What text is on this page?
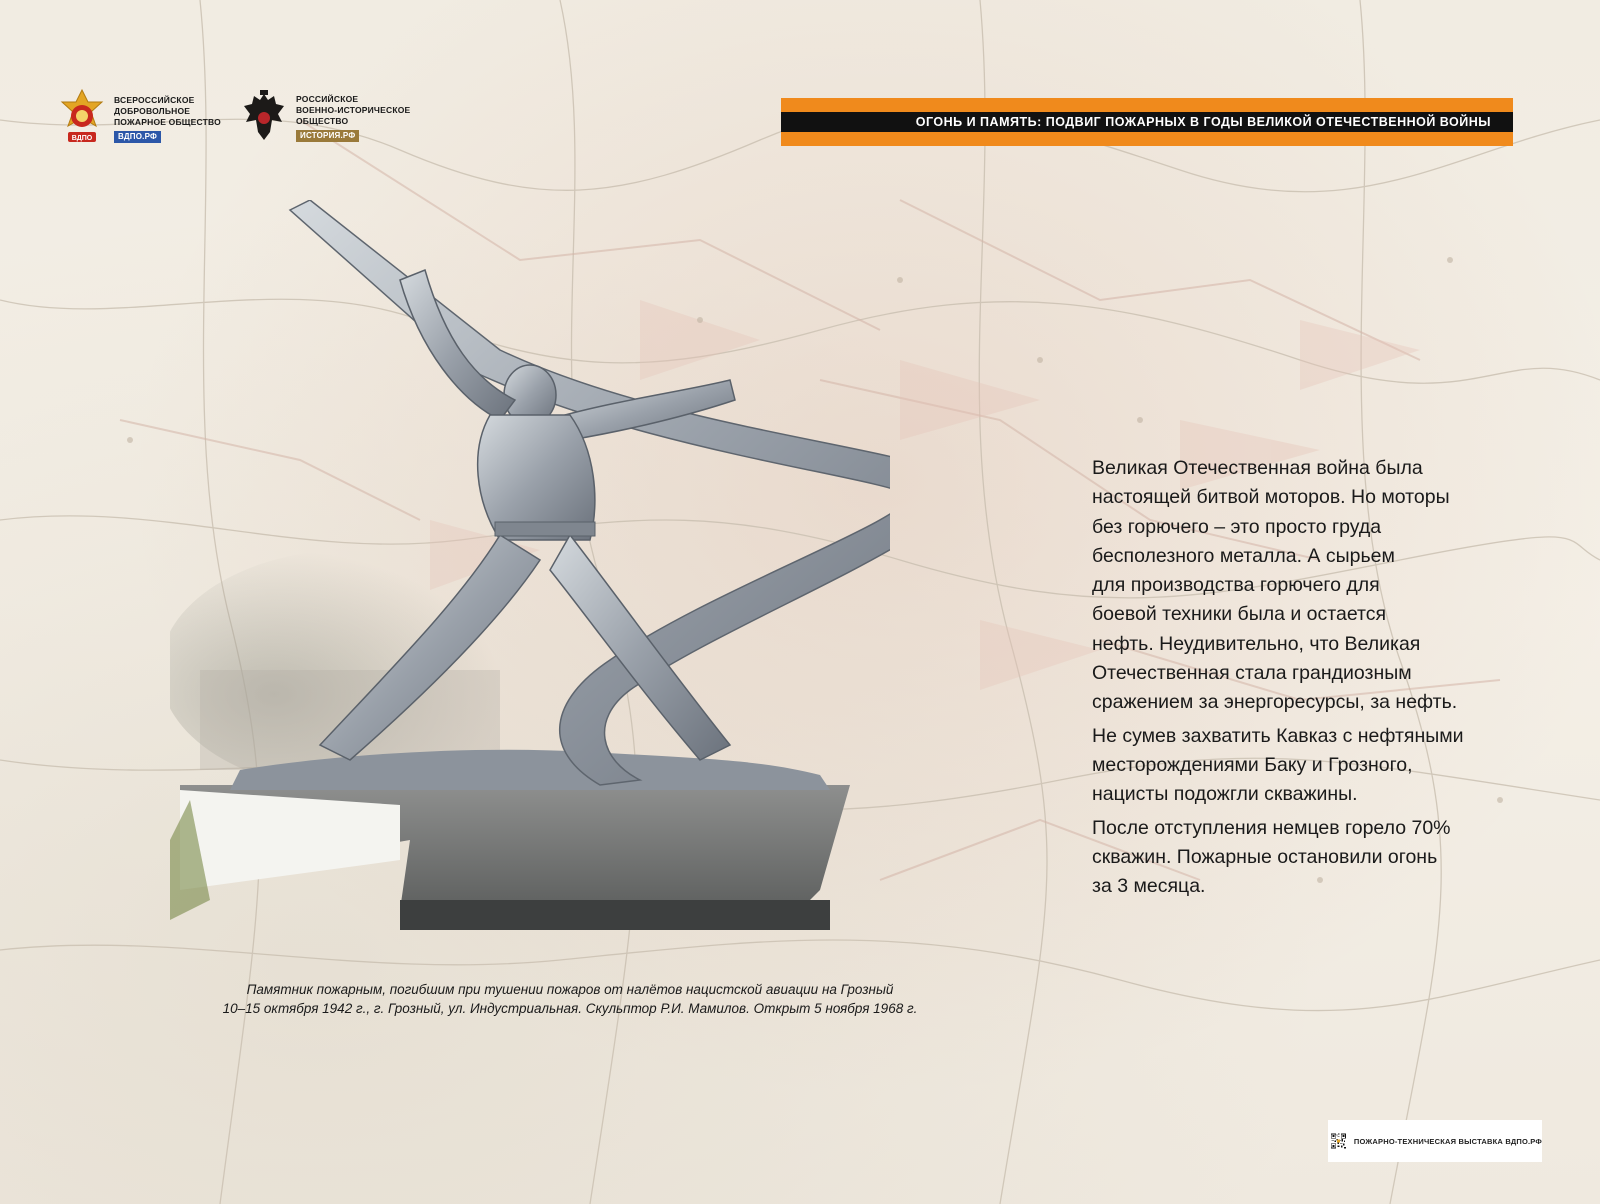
ВДПО
ВСЕРОССИЙСКОЕ
ДОБРОВОЛЬНОЕ
ПОЖАРНОЕ ОБЩЕСТВО
ВДПО.РФ
РОССИЙСКОЕ
ВОЕННО-ИСТОРИЧЕСКОЕ
ОБЩЕСТВО
ИСТОРИЯ.РФ
ОГОНЬ И ПАМЯТЬ: ПОДВИГ ПОЖАРНЫХ В ГОДЫ ВЕЛИКОЙ ОТЕЧЕСТВЕННОЙ ВОЙНЫ
Памятник пожарным, погибшим при тушении пожаров от налётов нацистской авиации на Грозный
10–15 октября 1942 г., г. Грозный, ул. Индустриальная. Скульптор Р.И. Мамилов. Открыт 5 ноября 1968 г.

Великая Отечественная война была
настоящей битвой моторов. Но моторы
без горючего – это просто груда
бесполезного металла. А сырьем
для производства горючего для
боевой техники была и остается
нефть. Неудивительно, что Великая
Отечественная стала грандиозным
сражением за энергоресурсы, за нефть.

Не сумев захватить Кавказ с нефтяными
месторождениями Баку и Грозного,
нацисты подожгли скважины.

После отступления немцев горело 70%
скважин. Пожарные остановили огонь
за 3 месяца.

ПОЖАРНО-ТЕХНИЧЕСКАЯ ВЫСТАВКА ВДПО.РФ
